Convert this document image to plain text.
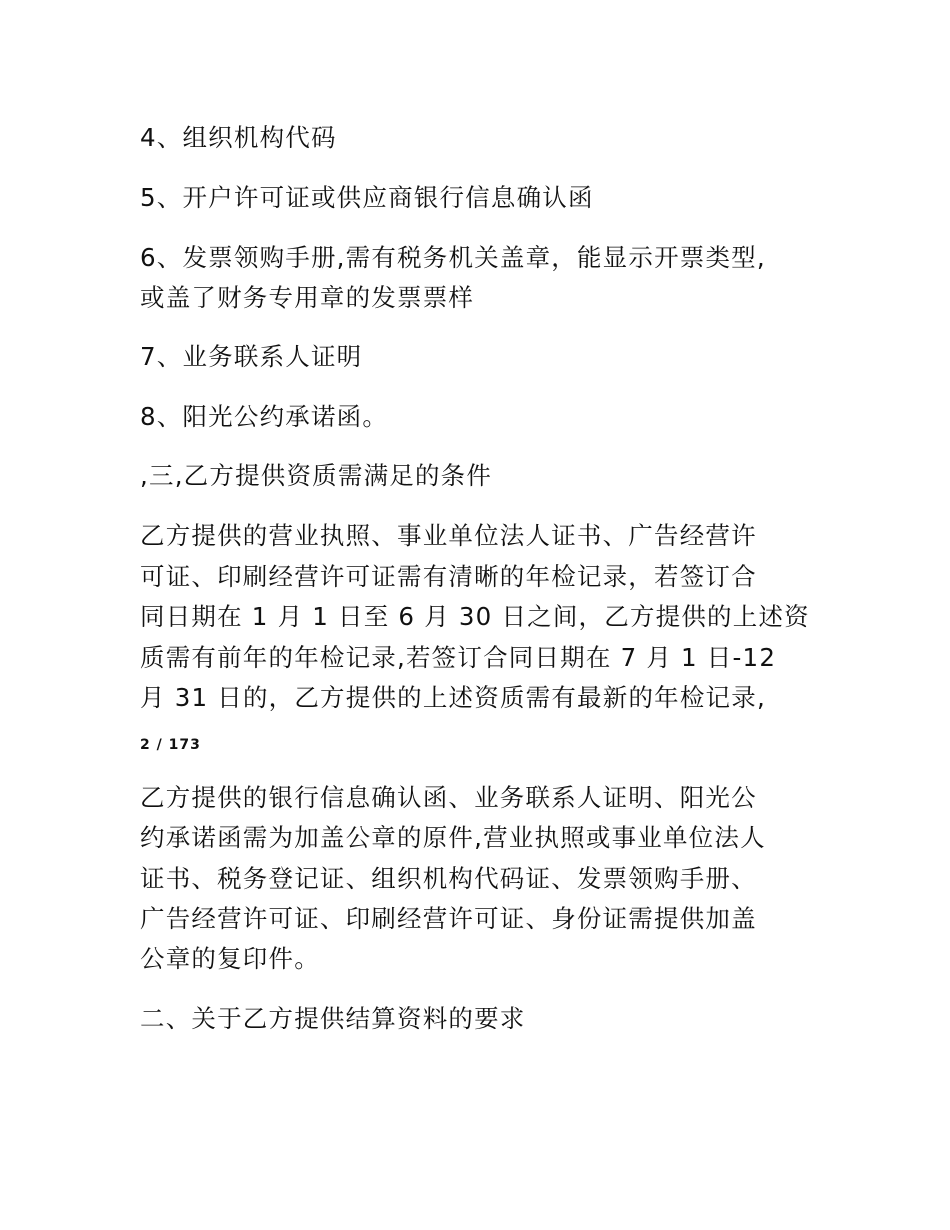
4、组织机构代码
5、开户许可证或供应商银行信息确认函
6、发票领购手册,需有税务机关盖章，能显示开票类型,
或盖了财务专用章的发票票样
7、业务联系人证明
8、阳光公约承诺函。
,三,乙方提供资质需满足的条件
乙方提供的营业执照、事业单位法人证书、广告经营许
可证、印刷经营许可证需有清晰的年检记录，若签订合
同日期在 1 月 1 日至 6 月 30 日之间，乙方提供的上述资
质需有前年的年检记录,若签订合同日期在 7 月 1 日-12
月 31 日的，乙方提供的上述资质需有最新的年检记录,
2 / 173
乙方提供的银行信息确认函、业务联系人证明、阳光公
约承诺函需为加盖公章的原件,营业执照或事业单位法人
证书、税务登记证、组织机构代码证、发票领购手册、
广告经营许可证、印刷经营许可证、身份证需提供加盖
公章的复印件。
二、关于乙方提供结算资料的要求
